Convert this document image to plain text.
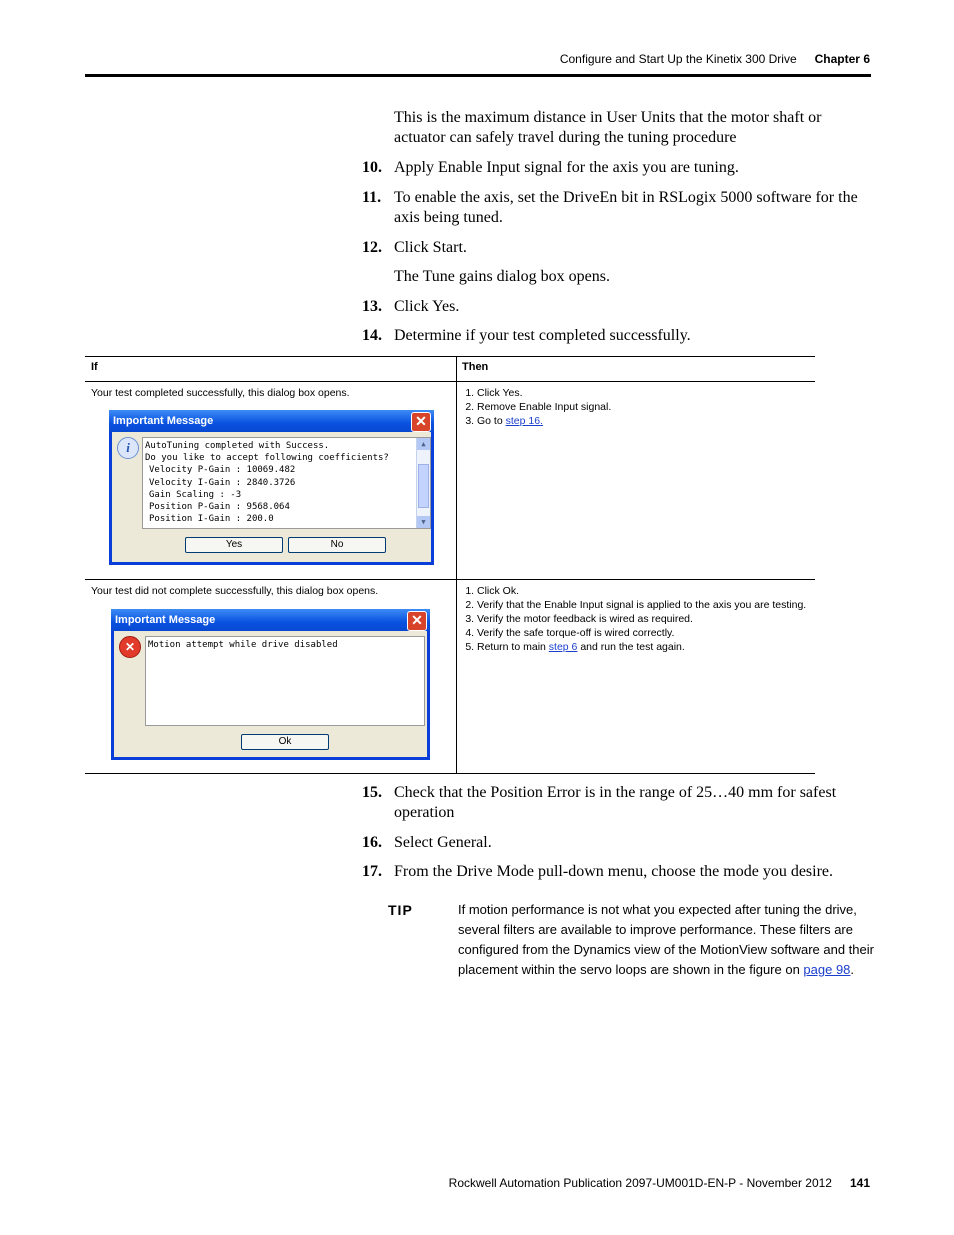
Configure and Start Up the Kinetix 300 Drive Chapter 6
This is the maximum distance in User Units that the motor shaft or actuator can safely travel during the tuning procedure
10. Apply Enable Input signal for the axis you are tuning.
11. To enable the axis, set the DriveEn bit in RSLogix 5000 software for the axis being tuned.
12. Click Start.
The Tune gains dialog box opens.
13. Click Yes.
14. Determine if your test completed successfully.
If	Then
Your test completed successfully, this dialog box opens.	1. Click Yes.
2. Remove Enable Input signal.
3. Go to step 16.
Important Message	✕
i	AutoTuning completed with Success.
Do you like to accept following coefficients?
Velocity P-Gain : 10069.482
Velocity I-Gain : 2840.3726
Gain Scaling : -3
Position P-Gain : 9568.064
Position I-Gain : 200.0
▲
▼
Yes	No
Your test did not complete successfully, this dialog box opens.	1. Click Ok.
2. Verify that the Enable Input signal is applied to the axis you are testing.
3. Verify the motor feedback is wired as required.
4. Verify the safe torque-off is wired correctly.
5. Return to main step 6 and run the test again.
Important Message	✕
✕	Motion attempt while drive disabled
Ok
15. Check that the Position Error is in the range of 25…40 mm for safest operation
16. Select General.
17. From the Drive Mode pull-down menu, choose the mode you desire.
TIP	If motion performance is not what you expected after tuning the drive, several filters are available to improve performance. These filters are configured from the Dynamics view of the MotionView software and their placement within the servo loops are shown in the figure on page 98.
Rockwell Automation Publication 2097-UM001D-EN-P - November 2012 141
